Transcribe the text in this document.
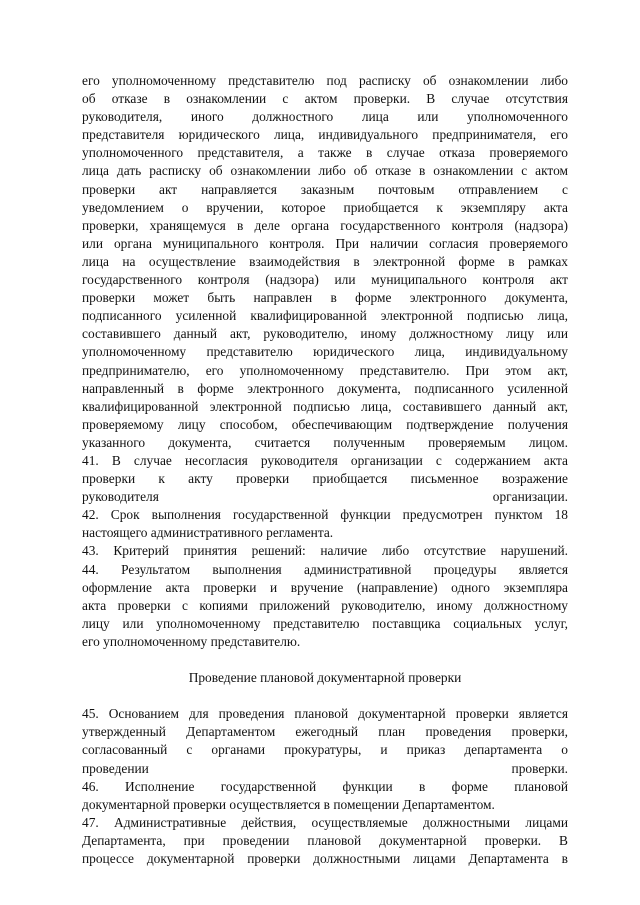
его уполномоченному представителю под расписку об ознакомлении либо
об отказе в ознакомлении с актом проверки. В случае отсутствия
руководителя, иного должностного лица или уполномоченного
представителя юридического лица, индивидуального предпринимателя, его
уполномоченного представителя, а также в случае отказа проверяемого
лица дать расписку об ознакомлении либо об отказе в ознакомлении с актом
проверки акт направляется заказным почтовым отправлением с
уведомлением о вручении, которое приобщается к экземпляру акта
проверки, хранящемуся в деле органа государственного контроля (надзора)
или органа муниципального контроля. При наличии согласия проверяемого
лица на осуществление взаимодействия в электронной форме в рамках
государственного контроля (надзора) или муниципального контроля акт
проверки может быть направлен в форме электронного документа,
подписанного усиленной квалифицированной электронной подписью лица,
составившего данный акт, руководителю, иному должностному лицу или
уполномоченному представителю юридического лица, индивидуальному
предпринимателю, его уполномоченному представителю. При этом акт,
направленный в форме электронного документа, подписанного усиленной
квалифицированной электронной подписью лица, составившего данный акт,
проверяемому лицу способом, обеспечивающим подтверждение получения
указанного документа, считается полученным проверяемым лицом.
41. В случае несогласия руководителя организации с содержанием акта
проверки к акту проверки приобщается письменное возражение
руководителя организации.
42. Срок выполнения государственной функции предусмотрен пунктом 18
настоящего административного регламента.
43. Критерий принятия решений: наличие либо отсутствие нарушений.
44. Результатом выполнения административной процедуры является
оформление акта проверки и вручение (направление) одного экземпляра
акта проверки с копиями приложений руководителю, иному должностному
лицу или уполномоченному представителю поставщика социальных услуг,
его уполномоченному представителю.
Проведение плановой документарной проверки
45. Основанием для проведения плановой документарной проверки является
утвержденный Департаментом ежегодный план проведения проверки,
согласованный с органами прокуратуры, и приказ департамента о
проведении проверки.
46. Исполнение государственной функции в форме плановой
документарной проверки осуществляется в помещении Департаментом.
47. Административные действия, осуществляемые должностными лицами
Департамента, при проведении плановой документарной проверки. В
процессе документарной проверки должностными лицами Департамента в
